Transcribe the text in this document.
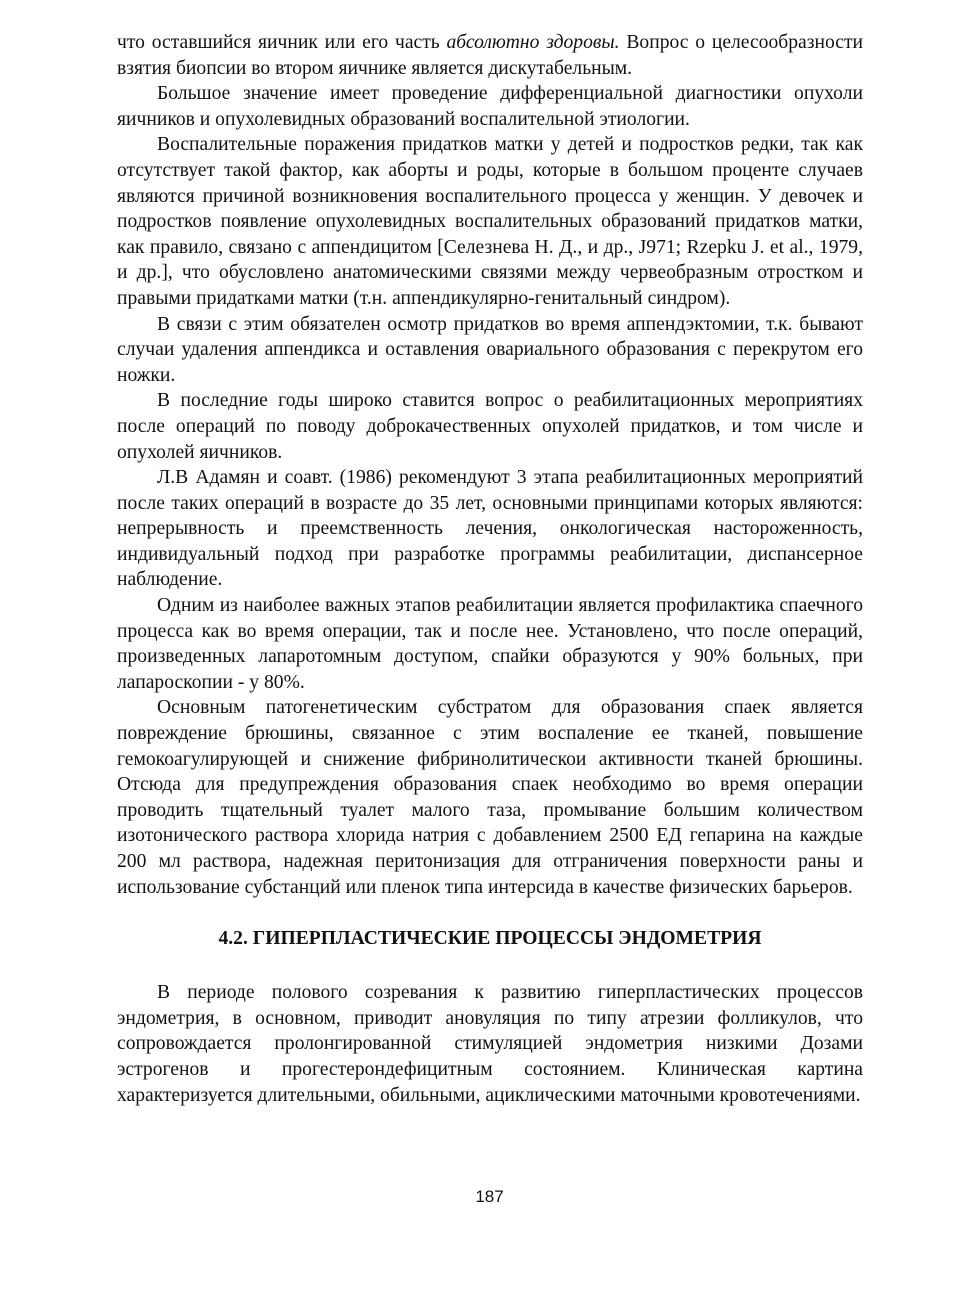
что оставшийся яичник или его часть абсолютно здоровы. Вопрос о целесообразности взятия биопсии во втором яичнике является дискутабельным.

Большое значение имеет проведение дифференциальной диагностики опухоли яичников и опухолевидных образований воспалительной этиологии.

Воспалительные поражения придатков матки у детей и подростков редки, так как отсутствует такой фактор, как аборты и роды, которые в большом проценте случаев являются причиной возникновения воспалительного процесса у женщин. У девочек и подростков появление опухолевидных воспалительных образований придатков матки, как правило, связано с аппендицитом [Селезнева Н. Д., и др., J971; Rzepku J. et al., 1979, и др.], что обусловлено анатомическими связями между червеобразным отростком и правыми придатками матки (т.н. аппендикулярно-генитальный синдром).

В связи с этим обязателен осмотр придатков во время аппендэктомии, т.к. бывают случаи удаления аппендикса и оставления овариального образования с перекрутом его ножки.

В последние годы широко ставится вопрос о реабилитационных мероприятиях после операций по поводу доброкачественных опухолей придатков, и том числе и опухолей яичников.

Л.В Адамян и соавт. (1986) рекомендуют 3 этапа реабилитационных мероприятий после таких операций в возрасте до 35 лет, основными принципами которых являются: непрерывность и преемственность лечения, онкологическая настороженность, индивидуальный подход при разработке программы реабилитации, диспансерное наблюдение.

Одним из наиболее важных этапов реабилитации является профилактика спаечного процесса как во время операции, так и после нее. Установлено, что после операций, произведенных лапаротомным доступом, спайки образуются у 90% больных, при лапароскопии - у 80%.

Основным патогенетическим субстратом для образования спаек является повреждение брюшины, связанное с этим воспаление ее тканей, повышение гемокоагулирующей и снижение фибринолитическои активности тканей брюшины. Отсюда для предупреждения образования спаек необходимо во время операции проводить тщательный туалет малого таза, промывание большим количеством изотонического раствора хлорида натрия с добавлением 2500 ЕД гепарина на каждые 200 мл раствора, надежная перитонизация для отграничения поверхности раны и использование субстанций или пленок типа интерсида в качестве физических барьеров.

4.2. ГИПЕРПЛАСТИЧЕСКИЕ ПРОЦЕССЫ ЭНДОМЕТРИЯ

В периоде полового созревания к развитию гиперпластических процессов эндометрия, в основном, приводит ановуляция по типу атрезии фолликулов, что сопровождается пролонгированной стимуляцией эндометрия низкими Дозами эстрогенов и прогестерондефицитным состоянием. Клиническая картина характеризуется длительными, обильными, ациклическими маточными кровотечениями.

187
